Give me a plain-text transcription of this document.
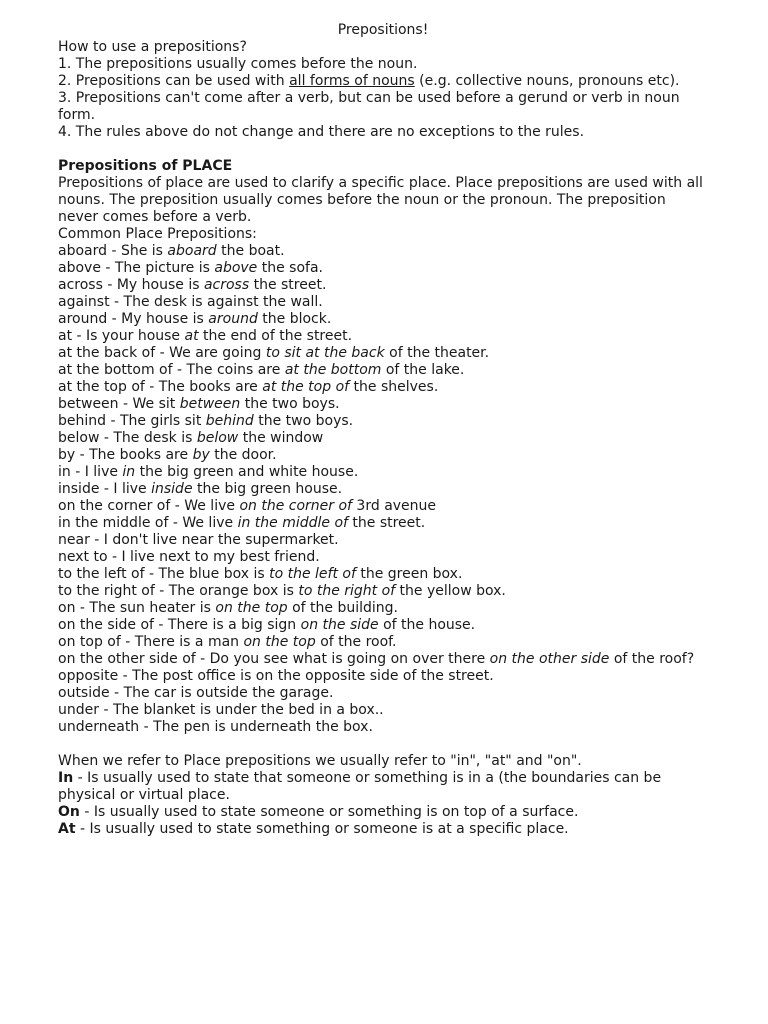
Prepositions!

How to use a prepositions?

1. The prepositions usually comes before the noun.

2. Prepositions can be used with all forms of nouns (e.g. collective nouns, pronouns etc).

3. Prepositions can't come after a verb, but can be used before a gerund or verb in noun form.

4. The rules above do not change and there are no exceptions to the rules.

Prepositions of PLACE

Prepositions of place are used to clarify a specific place. Place prepositions are used with all nouns. The preposition usually comes before the noun or the pronoun. The preposition never comes before a verb.

Common Place Prepositions:

aboard - She is aboard the boat.

above - The picture is above the sofa.

across - My house is across the street.

against - The desk is against the wall.

around - My house is around the block.

at - Is your house at the end of the street.

at the back of - We are going to sit at the back of the theater.

at the bottom of - The coins are at the bottom of the lake.

at the top of - The books are at the top of the shelves.

between - We sit between the two boys.

behind - The girls sit behind the two boys.

below - The desk is below the window

by - The books are by the door.

in - I live in the big green and white house.

inside - I live inside the big green house.

on the corner of - We live on the corner of 3rd avenue

in the middle of - We live in the middle of the street.

near - I don't live near the supermarket.

next to - I live next to my best friend.

to the left of - The blue box is to the left of the green box.

to the right of - The orange box is to the right of the yellow box.

on - The sun heater is on the top of the building.

on the side of - There is a big sign on the side of the house.

on top of - There is a man on the top of the roof.

on the other side of - Do you see what is going on over there on the other side of the roof?

opposite - The post office is on the opposite side of the street.

outside - The car is outside the garage.

under - The blanket is under the bed in a box..

underneath - The pen is underneath the box.

When we refer to Place prepositions we usually refer to "in", "at" and "on".

In - Is usually used to state that someone or something is in a (the boundaries can be physical or virtual place.

On - Is usually used to state someone or something is on top of a surface.

At - Is usually used to state something or someone is at a specific place.
